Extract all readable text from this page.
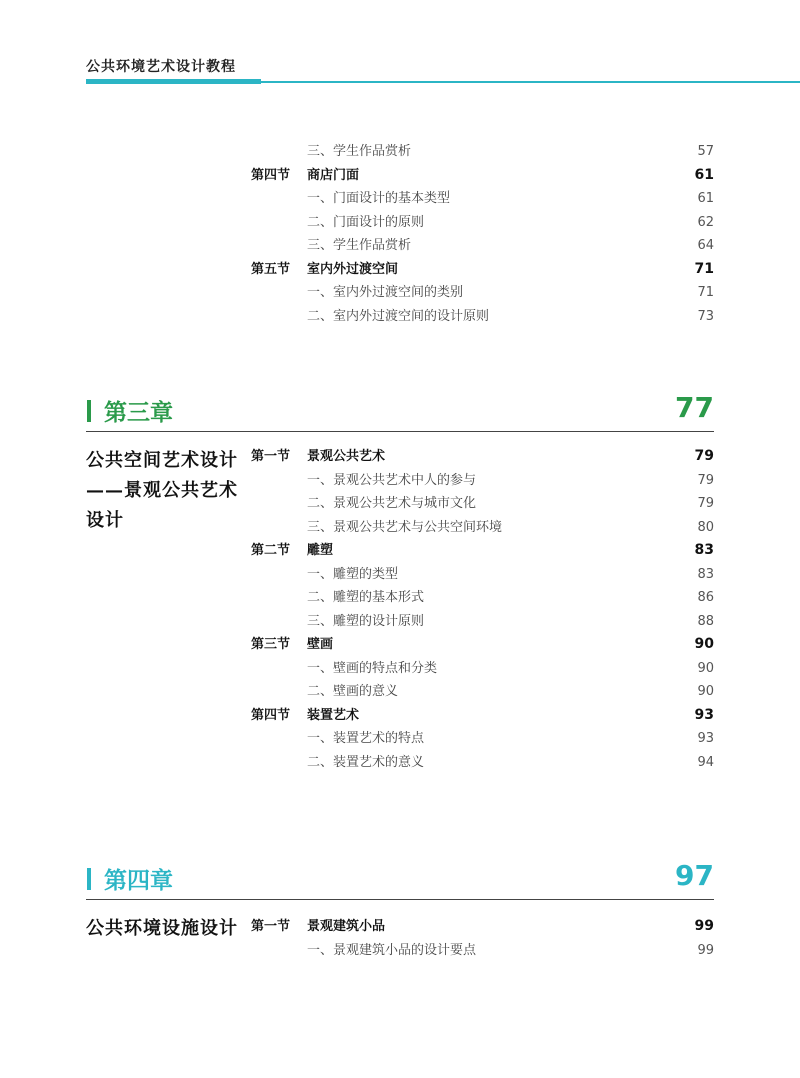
公共环境艺术设计教程
三、学生作品赏析	57
第四节 商店门面	61
一、门面设计的基本类型	61
二、门面设计的原则	62
三、学生作品赏析	64
第五节 室内外过渡空间	71
一、室内外过渡空间的类别	71
二、室内外过渡空间的设计原则	73
第三章	77
公共空间艺术设计
——景观公共艺术
设计
第一节 景观公共艺术	79
一、景观公共艺术中人的参与	79
二、景观公共艺术与城市文化	79
三、景观公共艺术与公共空间环境	80
第二节 雕塑	83
一、雕塑的类型	83
二、雕塑的基本形式	86
三、雕塑的设计原则	88
第三节 壁画	90
一、壁画的特点和分类	90
二、壁画的意义	90
第四节 装置艺术	93
一、装置艺术的特点	93
二、装置艺术的意义	94
第四章	97
公共环境设施设计	第一节 景观建筑小品	99
一、景观建筑小品的设计要点	99
